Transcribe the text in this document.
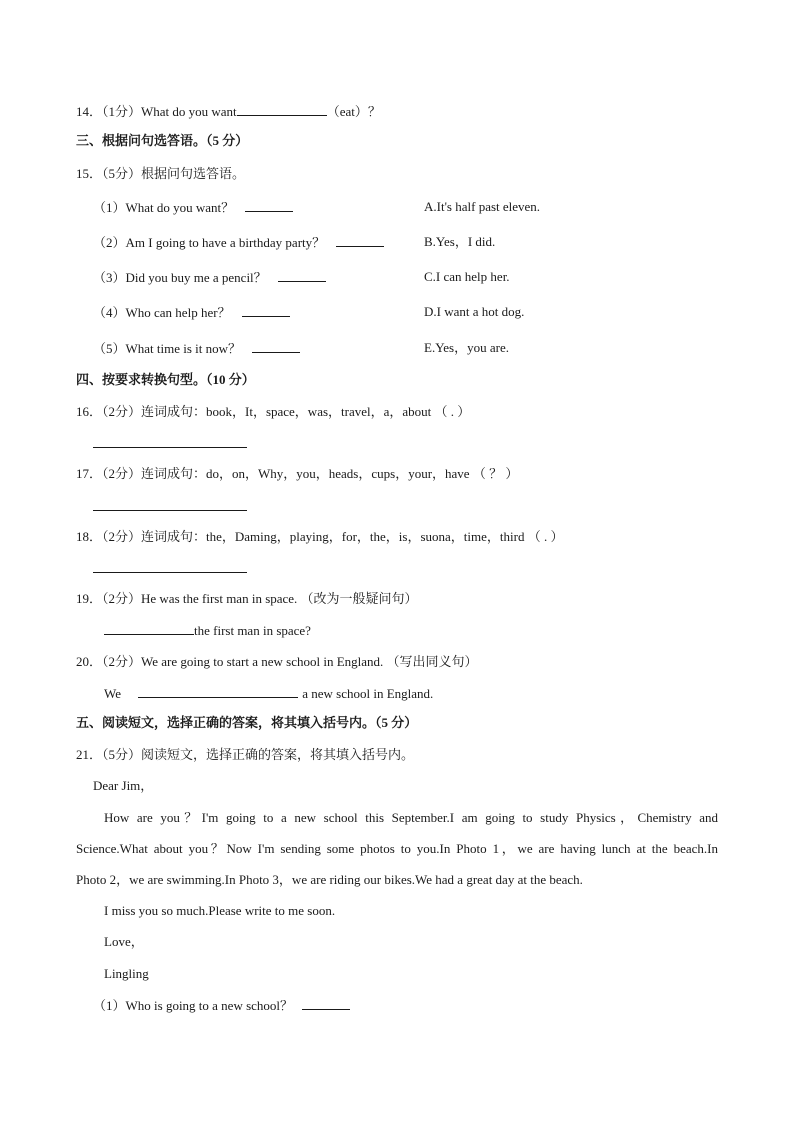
14．（1分）What do you want	（eat）？
三、根据问句选答语。（5 分）
15．（5分）根据问句选答语。
（1）What do you want？	A.It's half past eleven.
（2）Am I going to have a birthday party？	B.Yes，I did.
（3）Did you buy me a pencil？	C.I can help her.
（4）Who can help her？	D.I want a hot dog.
（5）What time is it now？	E.Yes，you are.
四、按要求转换句型。（10 分）
16．（2分）连词成句：book，It，space，was，travel，a，about （ . ）
17．（2分）连词成句：do，on，Why，you，heads，cups，your，have （ ？ ）
18．（2分）连词成句：the，Daming，playing，for，the，is，suona，time，third （ . ）
19．（2分）He was the first man in space. （改为一般疑问句）
the first man in space?
20．（2分）We are going to start a new school in England. （写出同义句）
We	a new school in England.
五、阅读短文，选择正确的答案，将其填入括号内。（5 分）
21．（5分）阅读短文，选择正确的答案，将其填入括号内。
Dear Jim，
How are you？I'm going to a new school this September.I am going to study Physics，Chemistry and
Science.What about you？Now I'm sending some photos to you.In Photo 1，we are having lunch at the beach.In
Photo 2，we are swimming.In Photo 3，we are riding our bikes.We had a great day at the beach.
I miss you so much.Please write to me soon.
Love，
Lingling
（1）Who is going to a new school？
